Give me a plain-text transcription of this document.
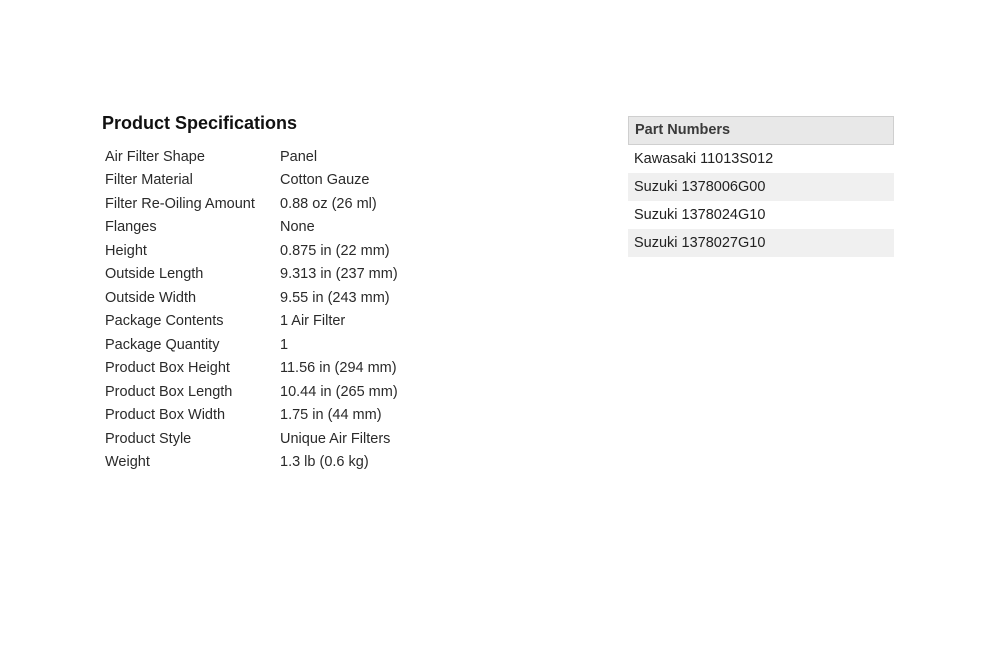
Product Specifications
Air Filter Shape	Panel
Filter Material	Cotton Gauze
Filter Re-Oiling Amount	0.88 oz (26 ml)
Flanges	None
Height	0.875 in (22 mm)
Outside Length	9.313 in (237 mm)
Outside Width	9.55 in (243 mm)
Package Contents	1 Air Filter
Package Quantity	1
Product Box Height	11.56 in (294 mm)
Product Box Length	10.44 in (265 mm)
Product Box Width	1.75 in (44 mm)
Product Style	Unique Air Filters
Weight	1.3 lb (0.6 kg)
Part Numbers
Kawasaki 11013S012
Suzuki 1378006G00
Suzuki 1378024G10
Suzuki 1378027G10
